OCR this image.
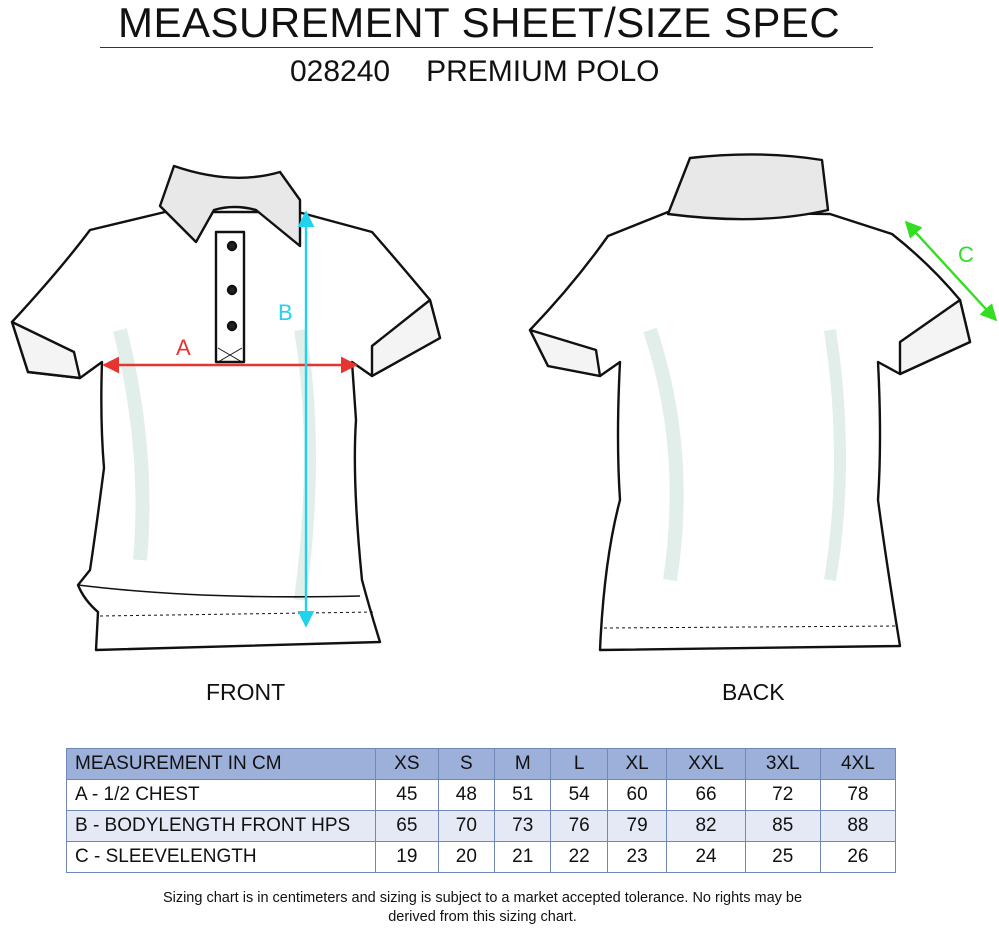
MEASUREMENT SHEET/SIZE SPEC
028240 PREMIUM POLO
A
B
C
FRONT	BACK
MEASUREMENT IN CM	XS	S	M	L	XL	XXL	3XL	4XL
A - 1/2 CHEST	45	48	51	54	60	66	72	78
B - BODYLENGTH FRONT HPS	65	70	73	76	79	82	85	88
C - SLEEVELENGTH	19	20	21	22	23	24	25	26
Sizing chart is in centimeters and sizing is subject to a market accepted tolerance. No rights may be derived from this sizing chart.
